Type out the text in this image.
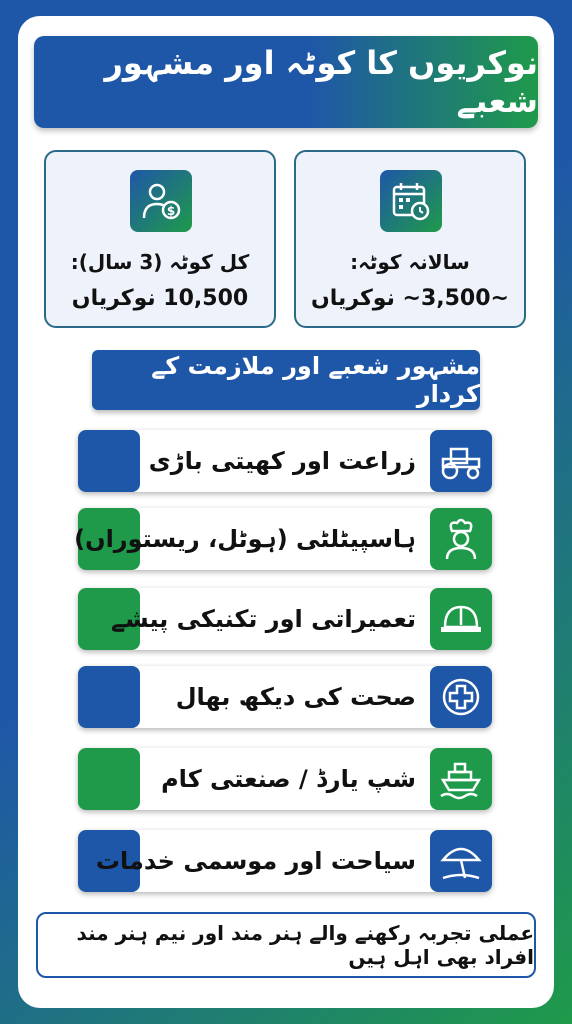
نوکریوں کا کوٹہ اور مشہور شعبے
سالانہ کوٹہ:
~3,500~ نوکریاں
$
کل کوٹہ (3 سال):
10,500 نوکریاں
مشہور شعبے اور ملازمت کے کردار
زراعت اور کھیتی باڑی
ہاسپیٹلٹی (ہوٹل، ریستوراں)
تعمیراتی اور تکنیکی پیشے
صحت کی دیکھ بھال
شپ یارڈ / صنعتی کام
سیاحت اور موسمی خدمات
عملی تجربہ رکھنے والے ہنر مند اور نیم ہنر مند افراد بھی اہل ہیں
